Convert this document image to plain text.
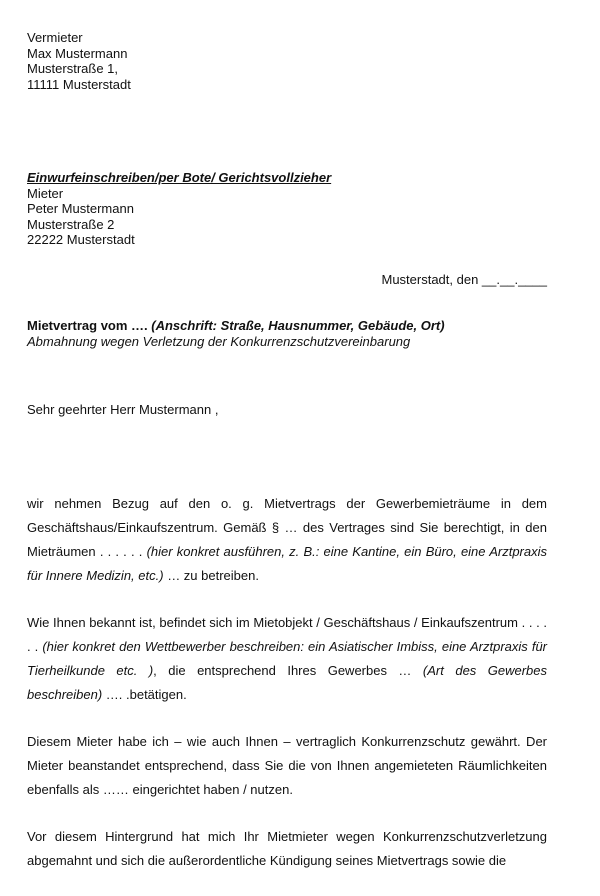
Vermieter
Max Mustermann
Musterstraße 1,
11111 Musterstadt
Einwurfeinschreiben/per Bote/ Gerichtsvollzieher
Mieter
Peter Mustermann
Musterstraße 2
22222 Musterstadt
Musterstadt, den __.__.____
Mietvertrag vom …. (Anschrift: Straße, Hausnummer, Gebäude, Ort)
Abmahnung wegen Verletzung der Konkurrenzschutzvereinbarung
Sehr geehrter Herr Mustermann ,

wir nehmen Bezug auf den o. g. Mietvertrags der Gewerbemieträume in dem Geschäftshaus/Einkaufszentrum. Gemäß § … des Vertrages sind Sie berechtigt, in den Mieträumen . . . . . . (hier konkret ausführen, z. B.: eine Kantine, ein Büro, eine Arztpraxis für Innere Medizin, etc.) … zu betreiben.

Wie Ihnen bekannt ist, befindet sich im Mietobjekt / Geschäftshaus / Einkaufszentrum . . . . . . (hier konkret den Wettbewerber beschreiben: ein Asiatischer Imbiss, eine Arztpraxis für Tierheilkunde etc. ), die entsprechend Ihres Gewerbes … (Art des Gewerbes beschreiben) …. .betätigen.

Diesem Mieter habe ich – wie auch Ihnen – vertraglich Konkurrenzschutz gewährt. Der Mieter beanstandet entsprechend, dass Sie die von Ihnen angemieteten Räumlichkeiten ebenfalls als …… eingerichtet haben / nutzen.

Vor diesem Hintergrund hat mich Ihr Mietmieter wegen Konkurrenzschutzverletzung abgemahnt und sich die außerordentliche Kündigung seines Mietvertrags sowie die
